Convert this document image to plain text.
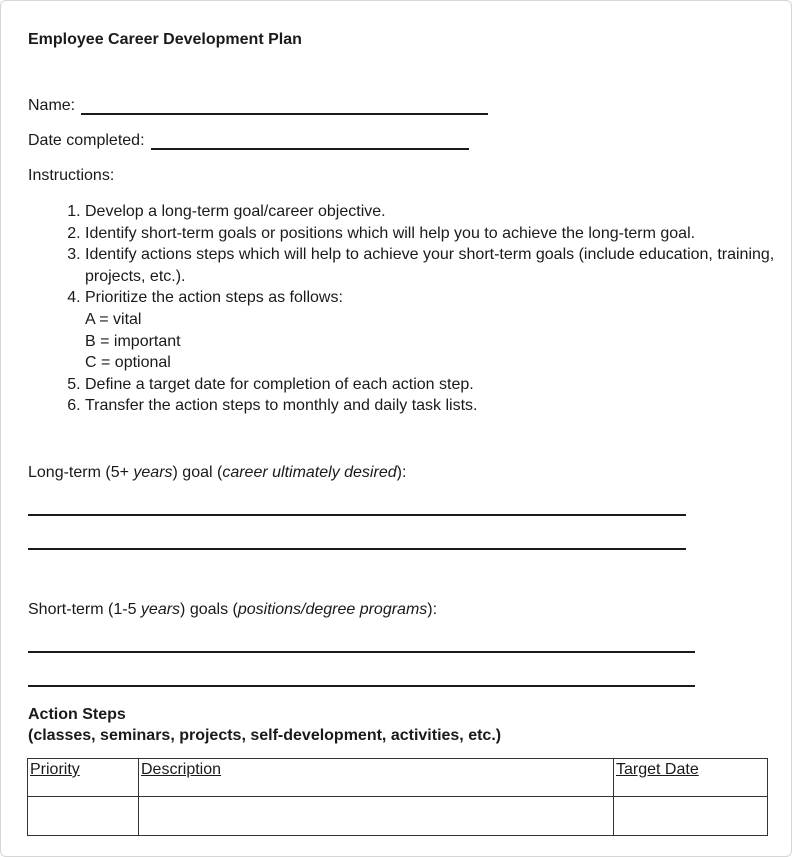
Employee Career Development Plan
Name:
Date completed:
Instructions:
1. Develop a long-term goal/career objective.
2. Identify short-term goals or positions which will help you to achieve the long-term goal.
3. Identify actions steps which will help to achieve your short-term goals (include education, training, projects, etc.).
4. Prioritize the action steps as follows:
A = vital
B = important
C = optional
5. Define a target date for completion of each action step.
6. Transfer the action steps to monthly and daily task lists.
Long-term (5+ years) goal (career ultimately desired):
Short-term (1-5 years) goals (positions/degree programs):
Action Steps
(classes, seminars, projects, self-development, activities, etc.)
Priority	Description	Target Date
